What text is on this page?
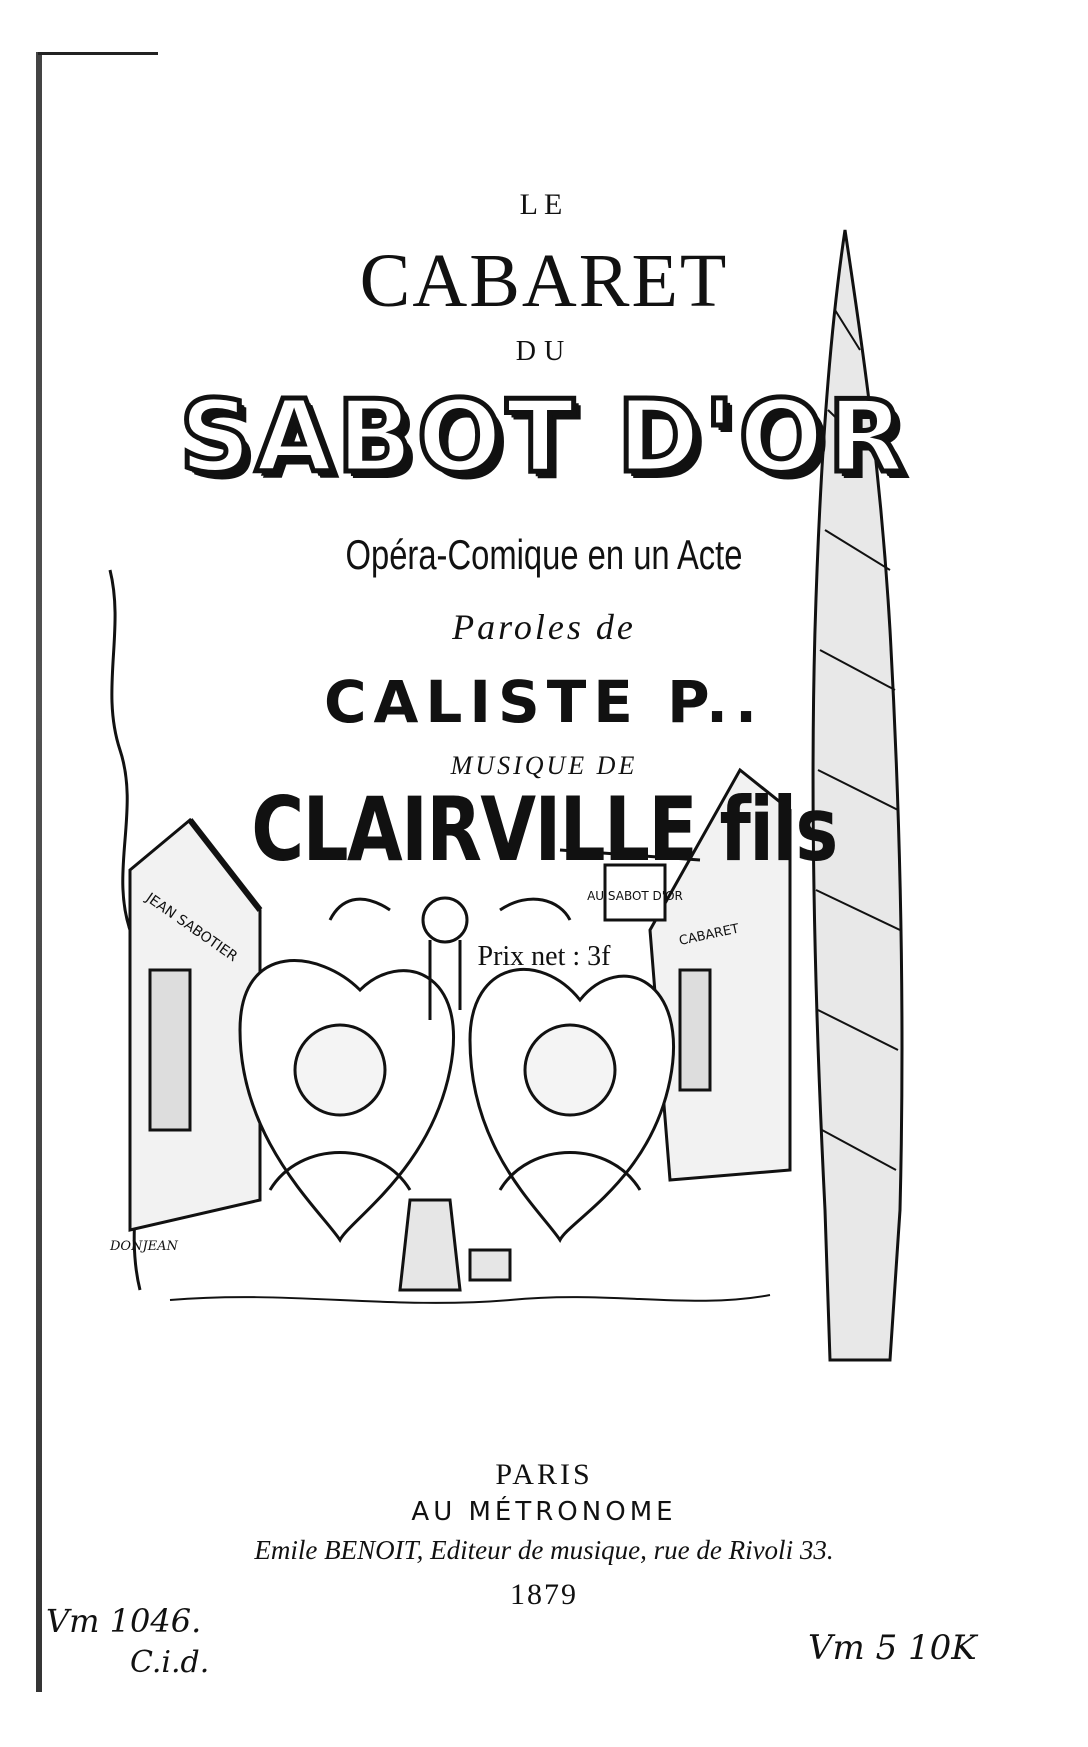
JEAN SABOTIER	AU SABOT D'OR
CABARET
DONJEAN
LE
CABARET
DU
SABOT D'OR
Opéra-Comique en un Acte
Paroles de
CALISTE P..
MUSIQUE DE
CLAIRVILLE fils
Prix net : 3f
PARIS
AU MÉTRONOME
Emile BENOIT, Editeur de musique, rue de Rivoli 33.
1879
Vm 1046.
C.i.d.	Vm 5 10K
